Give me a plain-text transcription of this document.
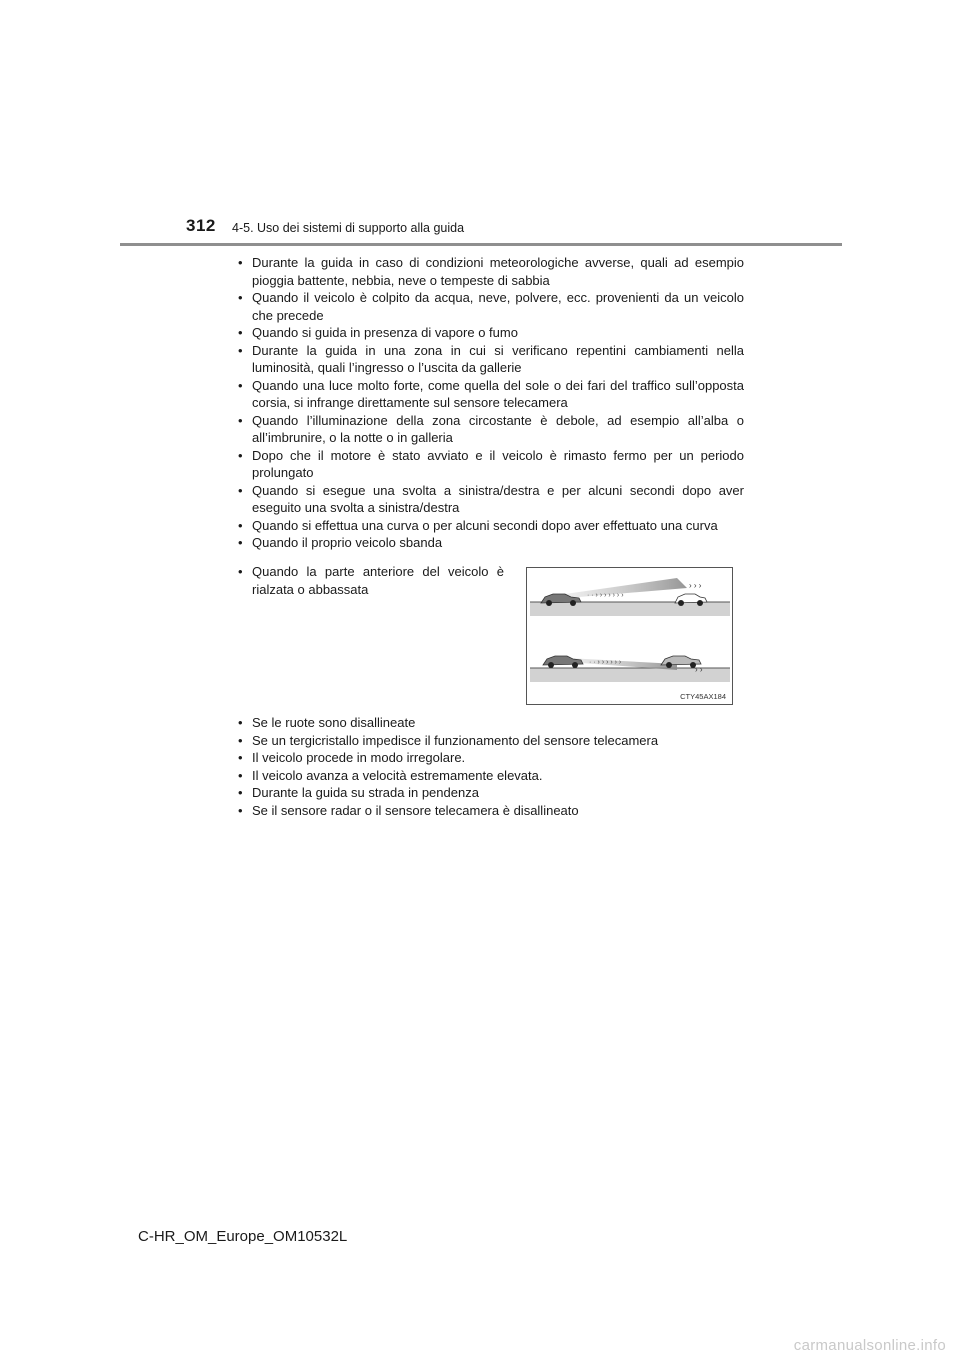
312 4-5. Uso dei sistemi di supporto alla guida
• Durante la guida in caso di condizioni meteorologiche avverse, quali ad esempio pioggia battente, nebbia, neve o tempeste di sabbia
• Quando il veicolo è colpito da acqua, neve, polvere, ecc. provenienti da un veicolo che precede
• Quando si guida in presenza di vapore o fumo
• Durante la guida in una zona in cui si verificano repentini cambiamenti nella luminosità, quali l’ingresso o l’uscita da gallerie
• Quando una luce molto forte, come quella del sole o dei fari del traffico sull’opposta corsia, si infrange direttamente sul sensore telecamera
• Quando l’illuminazione della zona circostante è debole, ad esempio all’alba o all’imbrunire, o la notte o in galleria
• Dopo che il motore è stato avviato e il veicolo è rimasto fermo per un periodo prolungato
• Quando si esegue una svolta a sinistra/destra e per alcuni secondi dopo aver eseguito una svolta a sinistra/destra
• Quando si effettua una curva o per alcuni secondi dopo aver effettuato una curva
• Quando il proprio veicolo sbanda
• Quando la parte anteriore del veicolo è rialzata o abbassata	· · › › › › › › ›
› › ›
· · › › › › › ›
› ›
CTY45AX184
• Se le ruote sono disallineate
• Se un tergicristallo impedisce il funzionamento del sensore telecamera
• Il veicolo procede in modo irregolare.
• Il veicolo avanza a velocità estremamente elevata.
• Durante la guida su strada in pendenza
• Se il sensore radar o il sensore telecamera è disallineato
C-HR_OM_Europe_OM10532L
carmanualsonline.info
